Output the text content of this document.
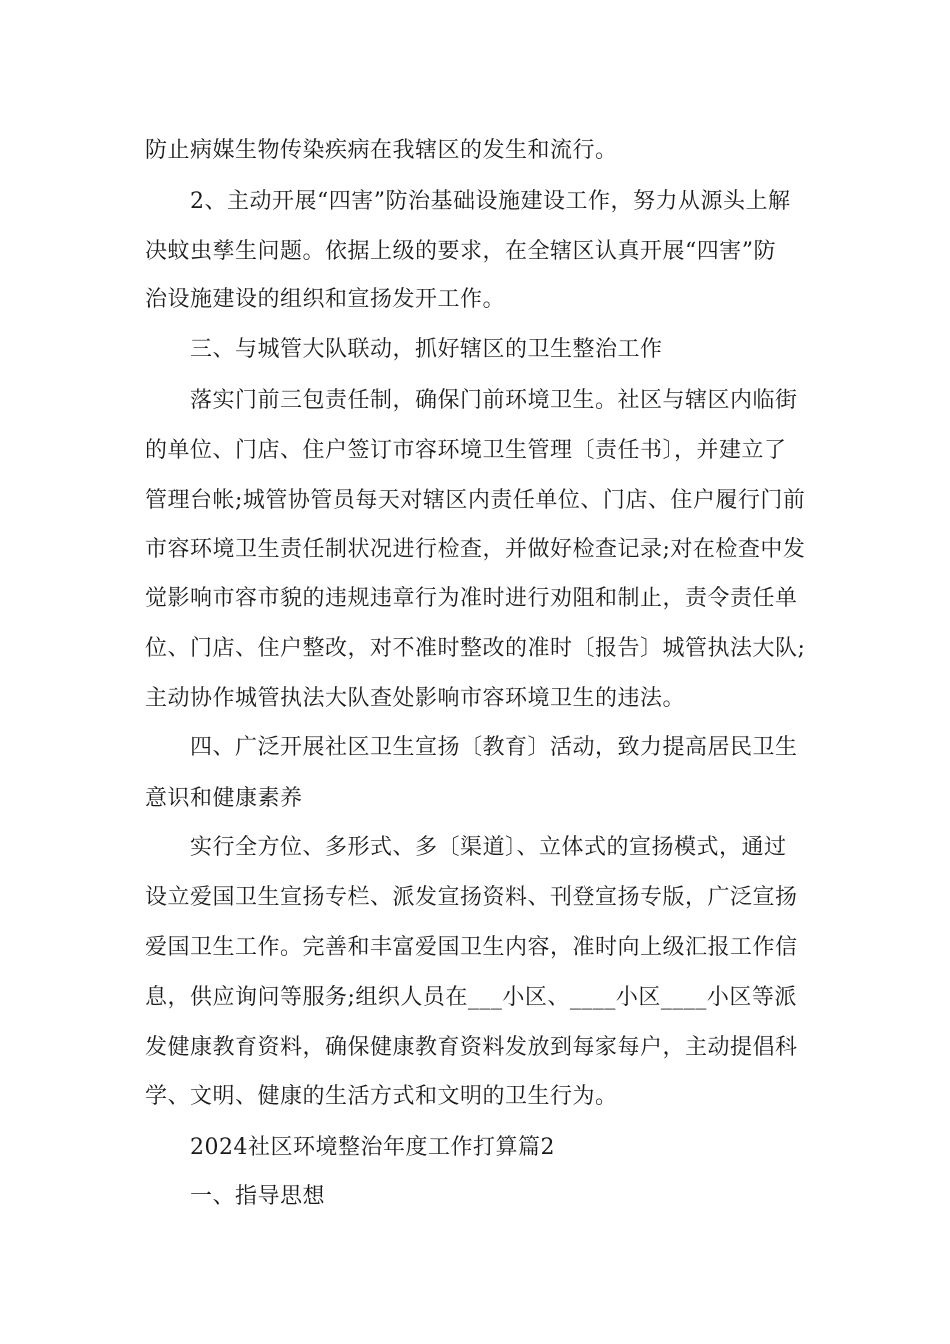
防止病媒生物传染疾病在我辖区的发生和流行。
2、主动开展“四害”防治基础设施建设工作，努力从源头上解
决蚊虫孳生问题。依据上级的要求，在全辖区认真开展“四害”防
治设施建设的组织和宣扬发开工作。
三、与城管大队联动，抓好辖区的卫生整治工作
落实门前三包责任制，确保门前环境卫生。社区与辖区内临街
的单位、门店、住户签订市容环境卫生管理〔责任书〕，并建立了
管理台帐;城管协管员每天对辖区内责任单位、门店、住户履行门前
市容环境卫生责任制状况进行检查，并做好检查记录;对在检查中发
觉影响市容市貌的违规违章行为准时进行劝阻和制止，责令责任单
位、门店、住户整改，对不准时整改的准时〔报告〕城管执法大队;
主动协作城管执法大队查处影响市容环境卫生的违法。
四、广泛开展社区卫生宣扬〔教育〕活动，致力提高居民卫生
意识和健康素养
实行全方位、多形式、多〔渠道〕、立体式的宣扬模式，通过
设立爱国卫生宣扬专栏、派发宣扬资料、刊登宣扬专版，广泛宣扬
爱国卫生工作。完善和丰富爱国卫生内容，准时向上级汇报工作信
息，供应询问等服务;组织人员在___小区、____小区____小区等派
发健康教育资料，确保健康教育资料发放到每家每户，主动提倡科
学、文明、健康的生活方式和文明的卫生行为。
2024社区环境整治年度工作打算篇2
一、指导思想
